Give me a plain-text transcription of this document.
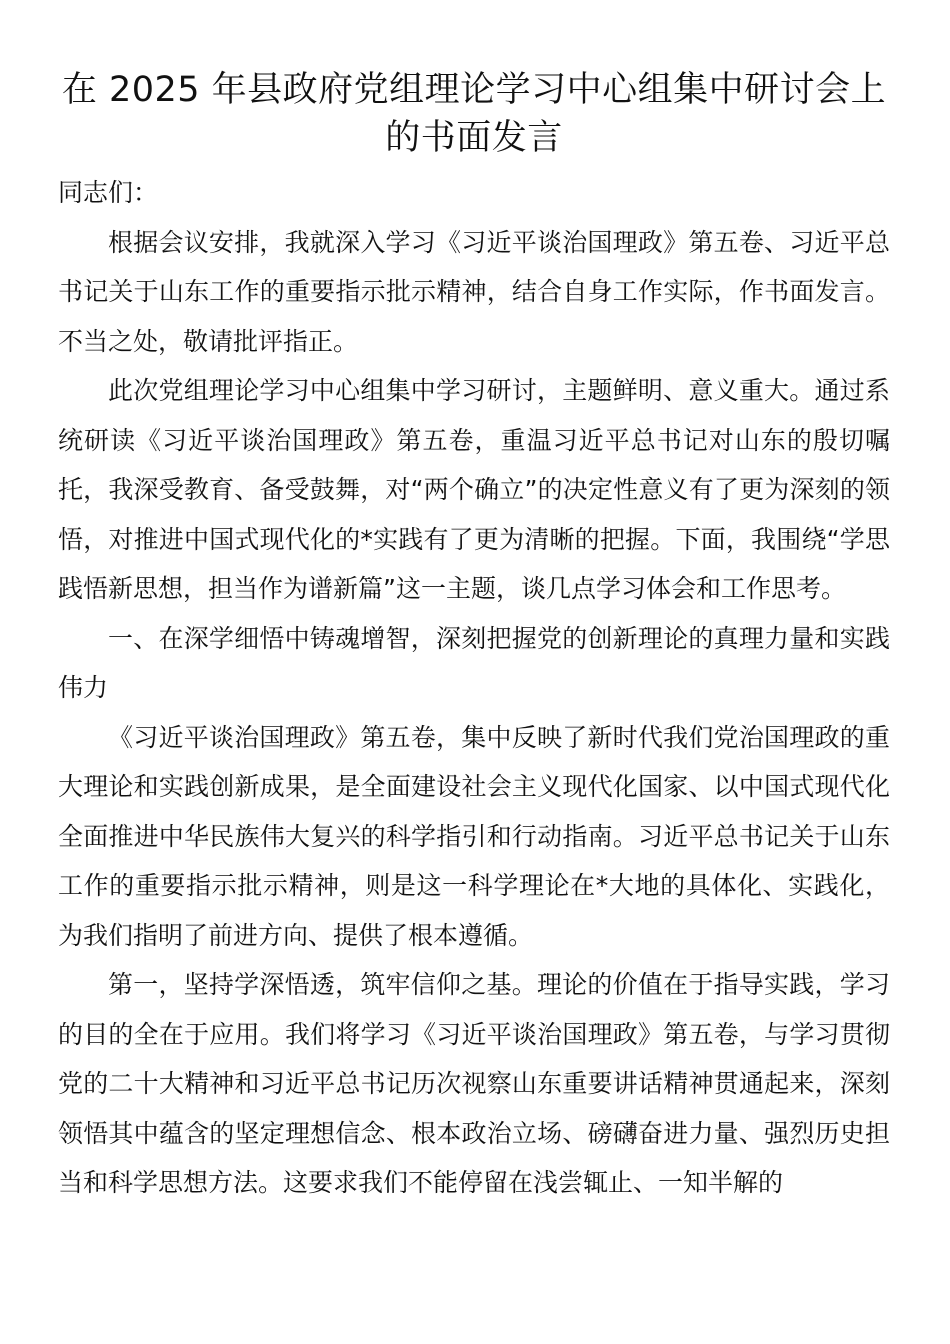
在 2025 年县政府党组理论学习中心组集中研讨会上的书面发言

同志们：

根据会议安排，我就深入学习《习近平谈治国理政》第五卷、习近平总书记关于山东工作的重要指示批示精神，结合自身工作实际，作书面发言。不当之处，敬请批评指正。

此次党组理论学习中心组集中学习研讨，主题鲜明、意义重大。通过系统研读《习近平谈治国理政》第五卷，重温习近平总书记对山东的殷切嘱托，我深受教育、备受鼓舞，对“两个确立”的决定性意义有了更为深刻的领悟，对推进中国式现代化的*实践有了更为清晰的把握。下面，我围绕“学思践悟新思想，担当作为谱新篇”这一主题，谈几点学习体会和工作思考。

一、在深学细悟中铸魂增智，深刻把握党的创新理论的真理力量和实践伟力

《习近平谈治国理政》第五卷，集中反映了新时代我们党治国理政的重大理论和实践创新成果，是全面建设社会主义现代化国家、以中国式现代化全面推进中华民族伟大复兴的科学指引和行动指南。习近平总书记关于山东工作的重要指示批示精神，则是这一科学理论在*大地的具体化、实践化，为我们指明了前进方向、提供了根本遵循。

第一，坚持学深悟透，筑牢信仰之基。理论的价值在于指导实践，学习的目的全在于应用。我们将学习《习近平谈治国理政》第五卷，与学习贯彻党的二十大精神和习近平总书记历次视察山东重要讲话精神贯通起来，深刻领悟其中蕴含的坚定理想信念、根本政治立场、磅礴奋进力量、强烈历史担当和科学思想方法。这要求我们不能停留在浅尝辄止、一知半解的
